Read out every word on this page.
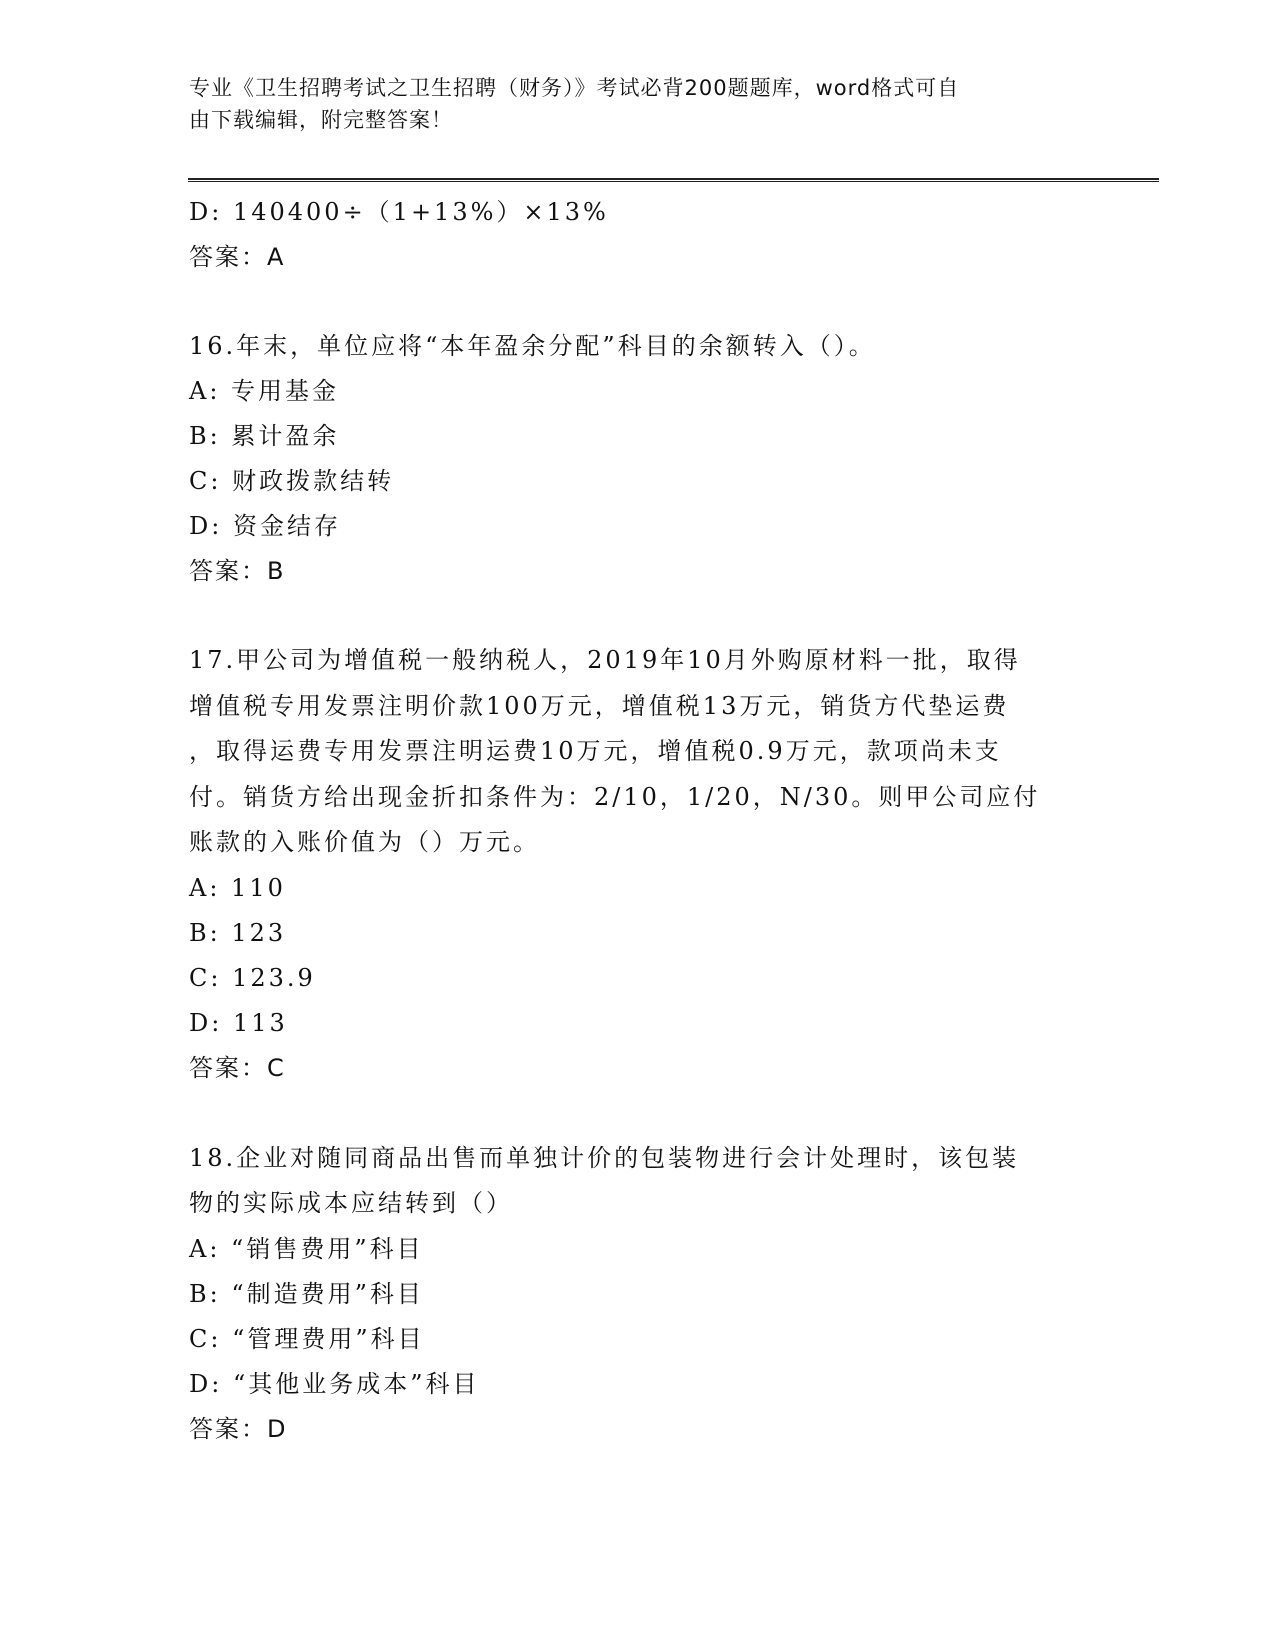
专业《卫生招聘考试之卫生招聘（财务）》考试必背200题题库，word格式可自
由下载编辑，附完整答案！
D: 140400÷（1+13%）×13%
答案：A
16.年末，单位应将“本年盈余分配”科目的余额转入（）。
A: 专用基金
B: 累计盈余
C: 财政拨款结转
D: 资金结存
答案：B
17.甲公司为增值税一般纳税人，2019年10月外购原材料一批，取得
增值税专用发票注明价款100万元，增值税13万元，销货方代垫运费
，取得运费专用发票注明运费10万元，增值税0.9万元，款项尚未支
付。销货方给出现金折扣条件为：2/10，1/20，N/30。则甲公司应付
账款的入账价值为（）万元。
A: 110
B: 123
C: 123.9
D: 113
答案：C
18.企业对随同商品出售而单独计价的包装物进行会计处理时，该包装
物的实际成本应结转到（）
A: “销售费用”科目
B: “制造费用”科目
C: “管理费用”科目
D: “其他业务成本”科目
答案：D
